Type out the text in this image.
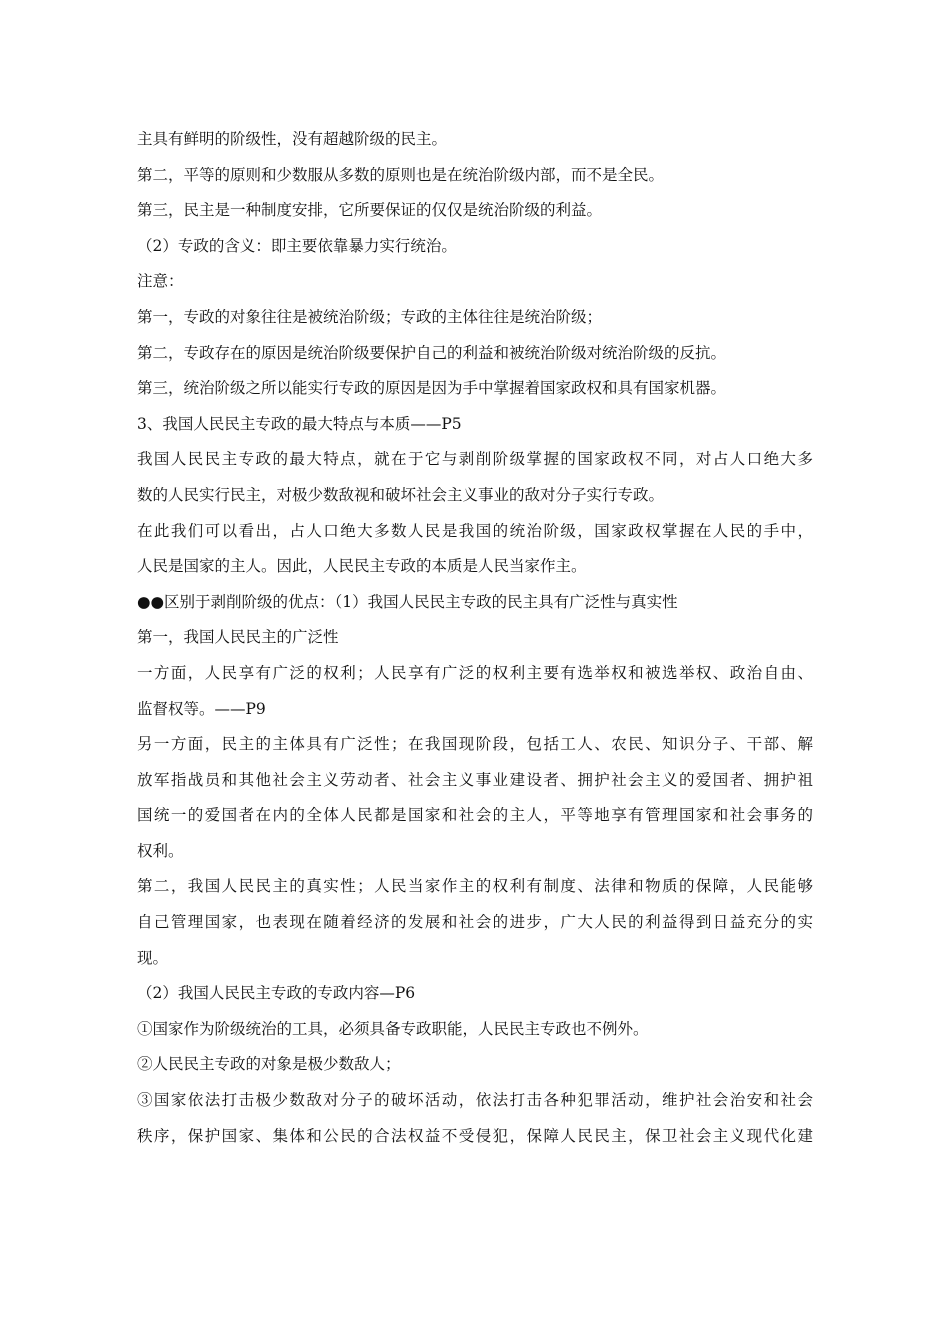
主具有鲜明的阶级性，没有超越阶级的民主。
第二，平等的原则和少数服从多数的原则也是在统治阶级内部，而不是全民。
第三，民主是一种制度安排，它所要保证的仅仅是统治阶级的利益。
（2）专政的含义：即主要依靠暴力实行统治。
注意：
第一，专政的对象往往是被统治阶级；专政的主体往往是统治阶级；
第二，专政存在的原因是统治阶级要保护自己的利益和被统治阶级对统治阶级的反抗。
第三，统治阶级之所以能实行专政的原因是因为手中掌握着国家政权和具有国家机器。
3、我国人民民主专政的最大特点与本质——P5
我国人民民主专政的最大特点，就在于它与剥削阶级掌握的国家政权不同，对占人口绝大多
数的人民实行民主，对极少数敌视和破坏社会主义事业的敌对分子实行专政。
在此我们可以看出，占人口绝大多数人民是我国的统治阶级，国家政权掌握在人民的手中，
人民是国家的主人。因此，人民民主专政的本质是人民当家作主。
●●区别于剥削阶级的优点：（1）我国人民民主专政的民主具有广泛性与真实性
第一，我国人民民主的广泛性
一方面，人民享有广泛的权利；人民享有广泛的权利主要有选举权和被选举权、政治自由、
监督权等。——P9
另一方面，民主的主体具有广泛性；在我国现阶段，包括工人、农民、知识分子、干部、解
放军指战员和其他社会主义劳动者、社会主义事业建设者、拥护社会主义的爱国者、拥护祖
国统一的爱国者在内的全体人民都是国家和社会的主人，平等地享有管理国家和社会事务的
权利。
第二，我国人民民主的真实性；人民当家作主的权利有制度、法律和物质的保障，人民能够
自己管理国家，也表现在随着经济的发展和社会的进步，广大人民的利益得到日益充分的实
现。
（2）我国人民民主专政的专政内容—P6
①国家作为阶级统治的工具，必须具备专政职能，人民民主专政也不例外。
②人民民主专政的对象是极少数敌人；
③国家依法打击极少数敌对分子的破坏活动，依法打击各种犯罪活动，维护社会治安和社会
秩序，保护国家、集体和公民的合法权益不受侵犯，保障人民民主，保卫社会主义现代化建
